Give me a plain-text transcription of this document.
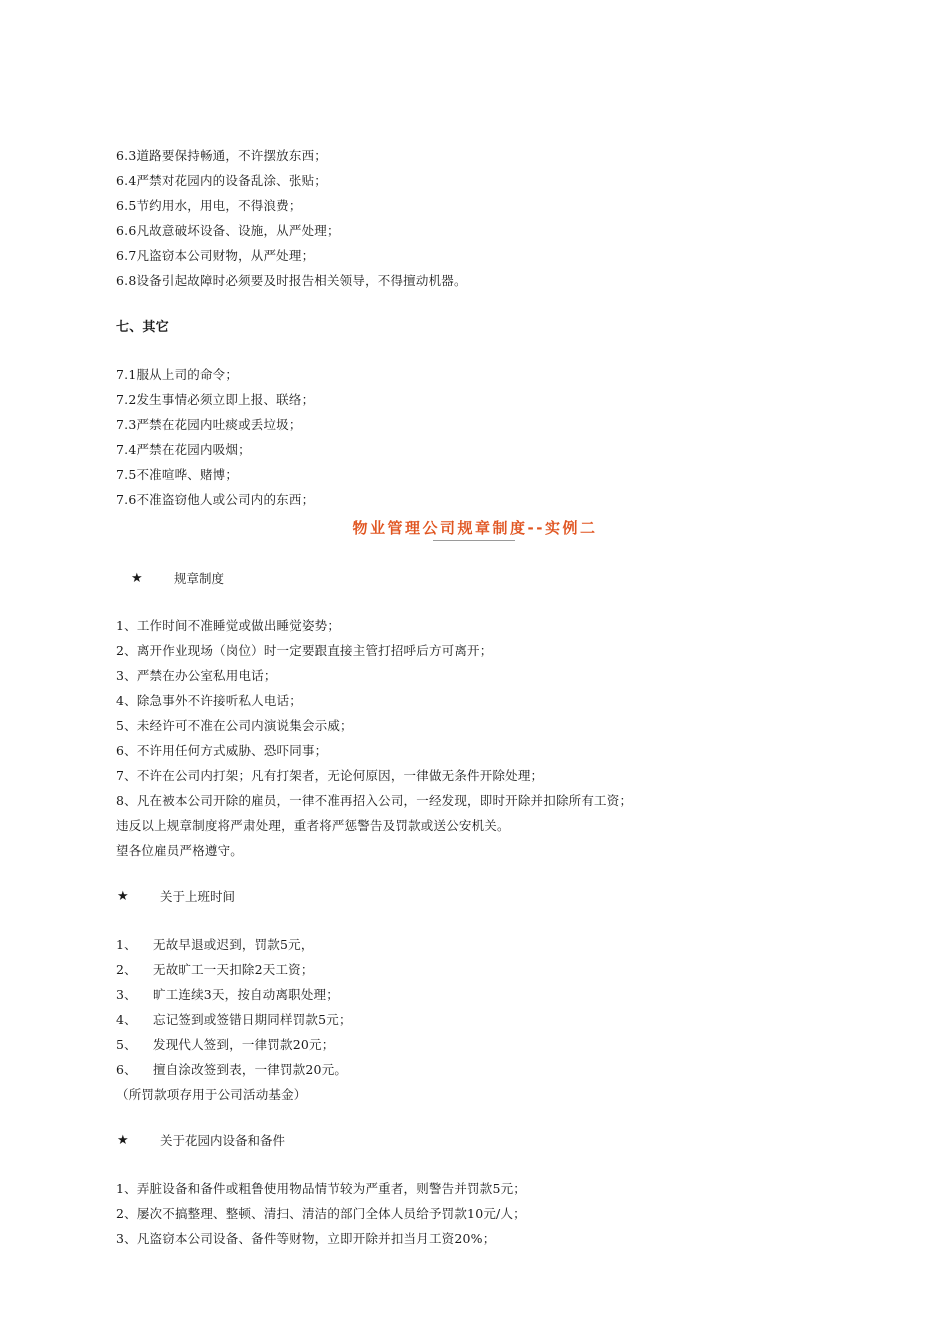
6.3道路要保持畅通，不许摆放东西；
6.4严禁对花园内的设备乱涂、张贴；
6.5节约用水，用电，不得浪费；
6.6凡故意破坏设备、设施，从严处理；
6.7凡盗窃本公司财物，从严处理；
6.8设备引起故障时必须要及时报告相关领导，不得擅动机器。
七、其它
7.1服从上司的命令；
7.2发生事情必须立即上报、联络；
7.3严禁在花园内吐痰或丢垃圾；
7.4严禁在花园内吸烟；
7.5不准喧哗、赌博；
7.6不准盗窃他人或公司内的东西；
物业管理公司规章制度--实例二
★	规章制度
1、工作时间不准睡觉或做出睡觉姿势；
2、离开作业现场（岗位）时一定要跟直接主管打招呼后方可离开；
3、严禁在办公室私用电话；
4、除急事外不许接听私人电话；
5、未经许可不准在公司内演说集会示威；
6、不许用任何方式威胁、恐吓同事；
7、不许在公司内打架；凡有打架者，无论何原因，一律做无条件开除处理；
8、凡在被本公司开除的雇员，一律不准再招入公司，一经发现，即时开除并扣除所有工资；
违反以上规章制度将严肃处理，重者将严惩警告及罚款或送公安机关。
望各位雇员严格遵守。
★	关于上班时间
1、 无故早退或迟到，罚款5元，
2、 无故旷工一天扣除2天工资；
3、 旷工连续3天，按自动离职处理；
4、 忘记签到或签错日期同样罚款5元；
5、 发现代人签到，一律罚款20元；
6、 擅自涂改签到表，一律罚款20元。
（所罚款项存用于公司活动基金）
★	关于花园内设备和备件
1、弄脏设备和备件或粗鲁使用物品情节较为严重者，则警告并罚款5元；
2、屡次不搞整理、整顿、清扫、清洁的部门全体人员给予罚款10元/人；
3、凡盗窃本公司设备、备件等财物，立即开除并扣当月工资20%；
